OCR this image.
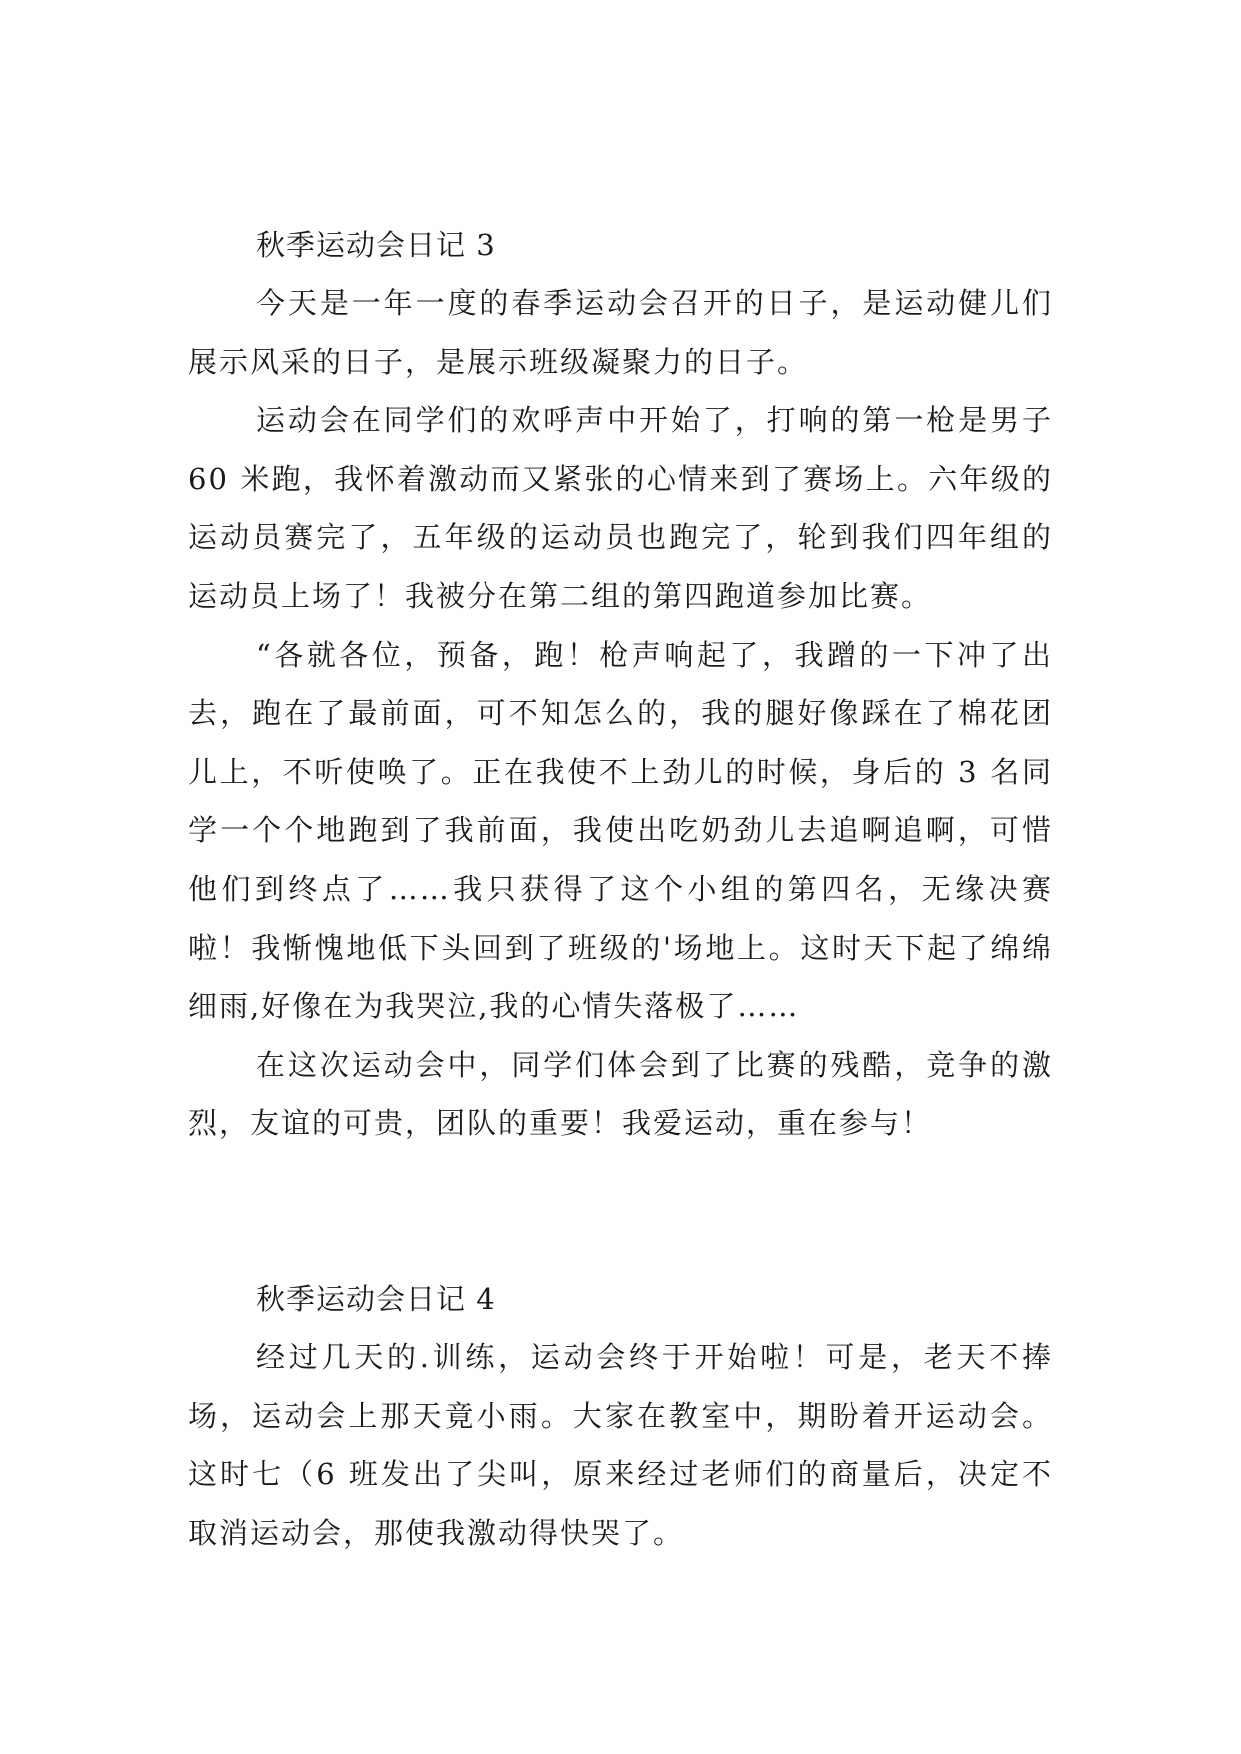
秋季运动会日记 3

今天是一年一度的春季运动会召开的日子，是运动健儿们展示风采的日子，是展示班级凝聚力的日子。

运动会在同学们的欢呼声中开始了，打响的第一枪是男子 60 米跑，我怀着激动而又紧张的心情来到了赛场上。六年级的运动员赛完了，五年级的运动员也跑完了，轮到我们四年组的运动员上场了！我被分在第二组的第四跑道参加比赛。

“各就各位，预备，跑！枪声响起了，我蹭的一下冲了出去，跑在了最前面，可不知怎么的，我的腿好像踩在了棉花团儿上，不听使唤了。正在我使不上劲儿的时候，身后的 3 名同学一个个地跑到了我前面，我使出吃奶劲儿去追啊追啊，可惜他们到终点了……我只获得了这个小组的第四名，无缘决赛啦！我惭愧地低下头回到了班级的'场地上。这时天下起了绵绵细雨,好像在为我哭泣,我的心情失落极了……

在这次运动会中，同学们体会到了比赛的残酷，竞争的激烈，友谊的可贵，团队的重要！我爱运动，重在参与！

秋季运动会日记 4

经过几天的.训练，运动会终于开始啦！可是，老天不捧场，运动会上那天竟小雨。大家在教室中，期盼着开运动会。这时七（6 班发出了尖叫，原来经过老师们的商量后，决定不取消运动会，那使我激动得快哭了。
